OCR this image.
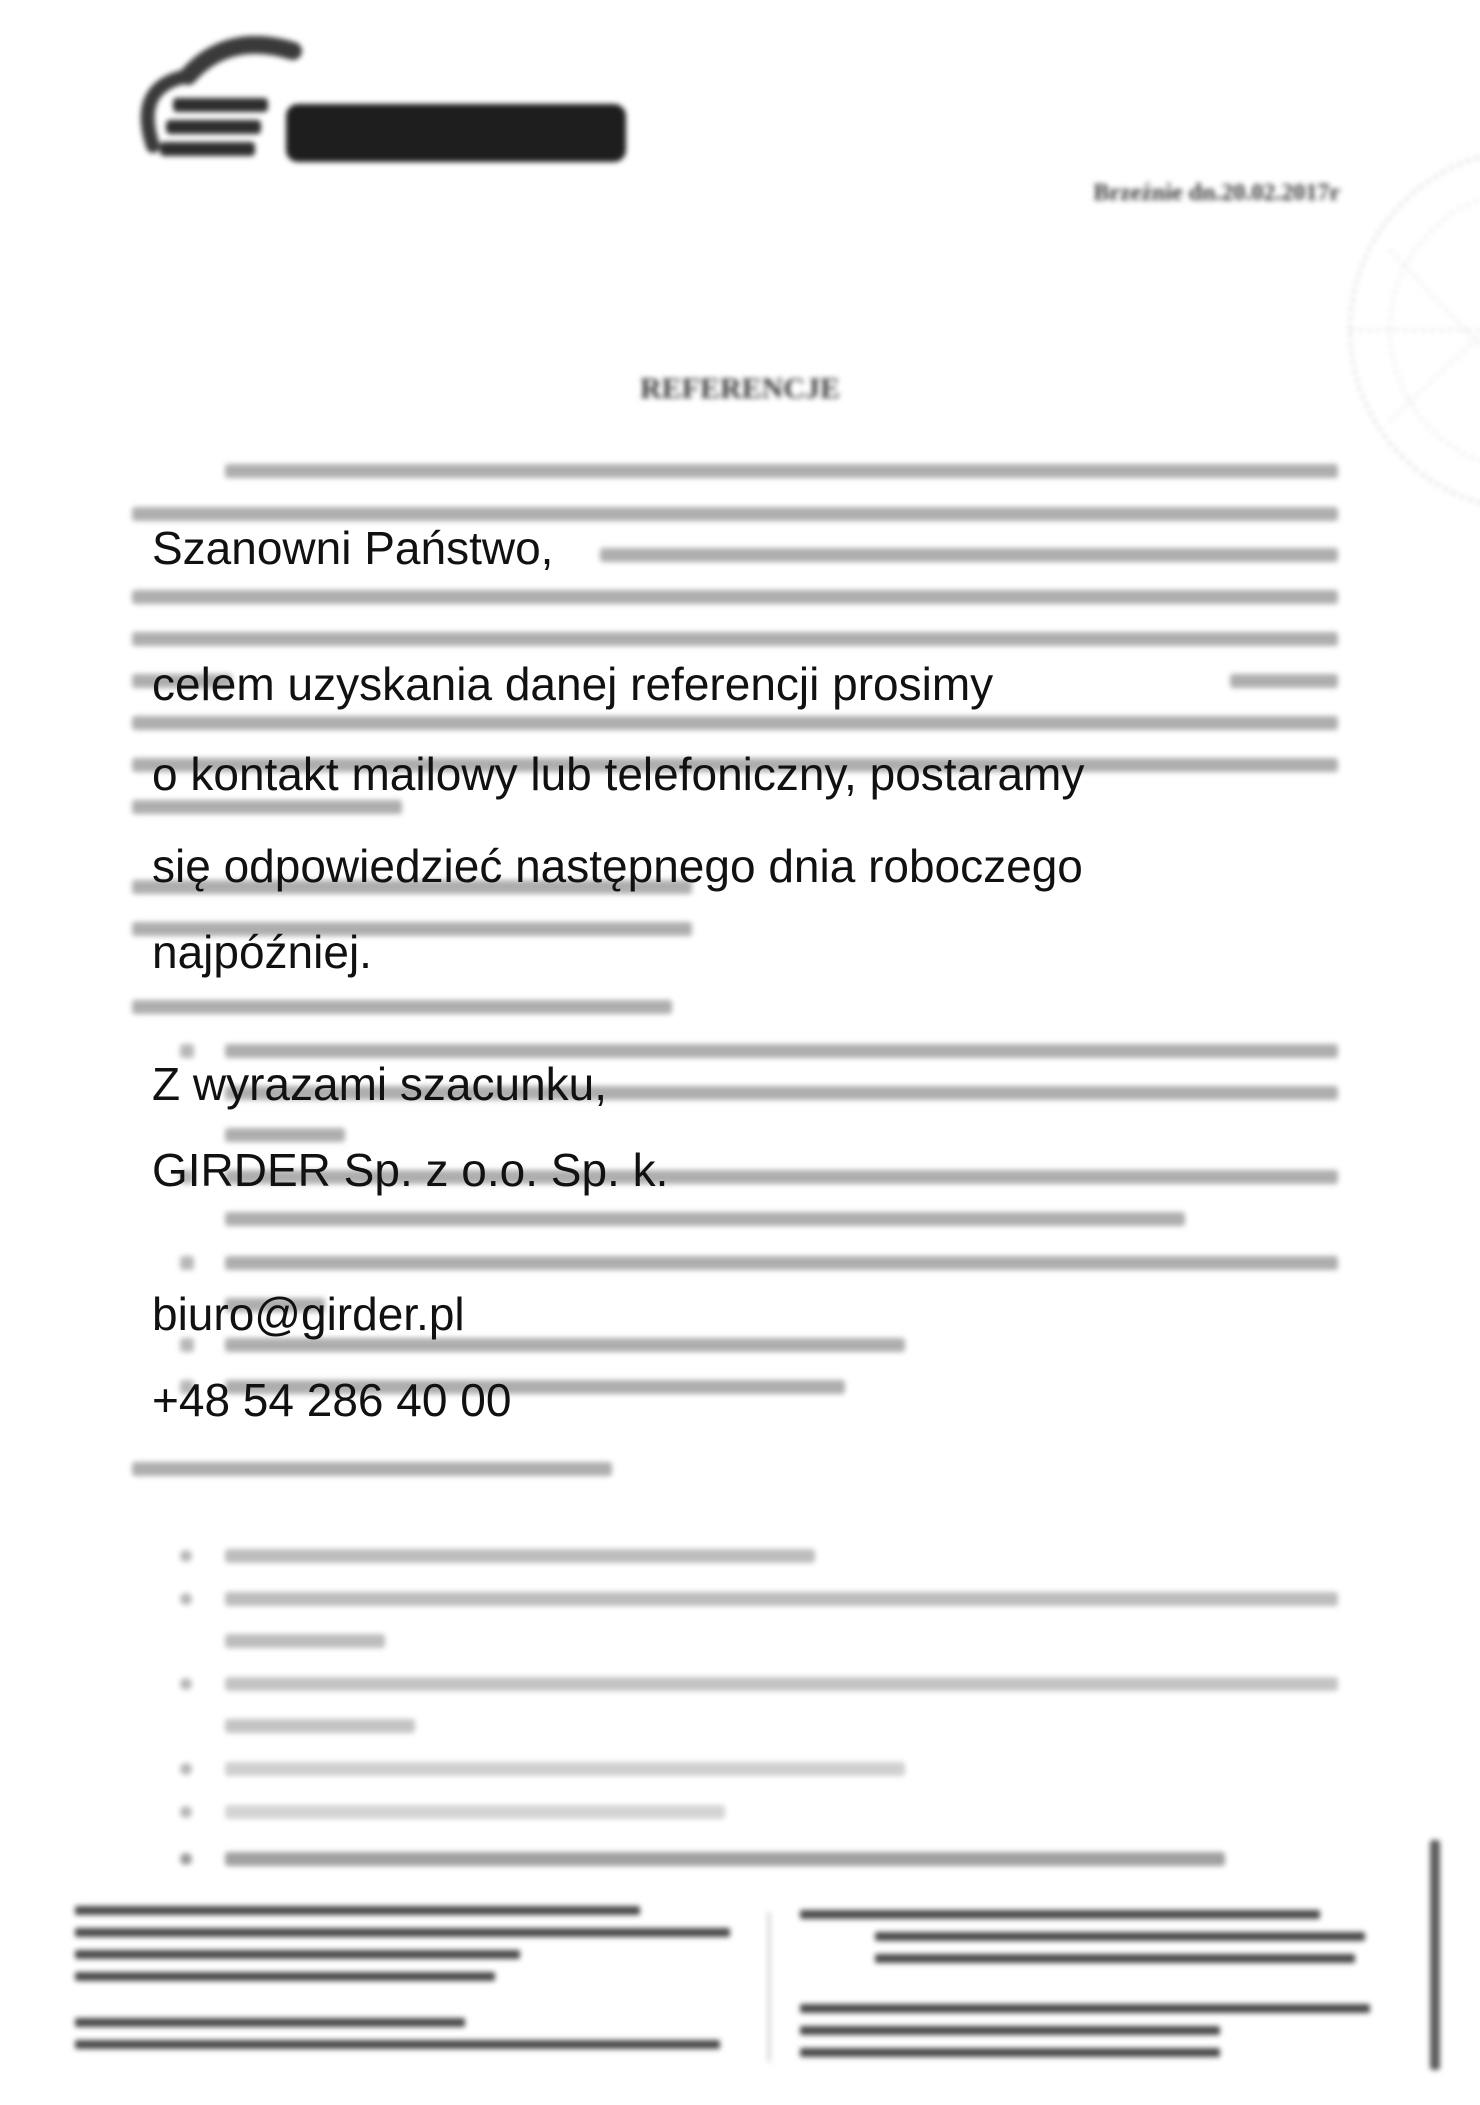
Brzeźnie dn.20.02.2017r
REFERENCJE
Szanowni Państwo,
celem uzyskania danej referencji prosimy
o kontakt mailowy lub telefoniczny, postaramy
się odpowiedzieć następnego dnia roboczego
najpóźniej.
Z wyrazami szacunku,
GIRDER Sp. z o.o. Sp. k.
biuro@girder.pl
+48 54 286 40 00
